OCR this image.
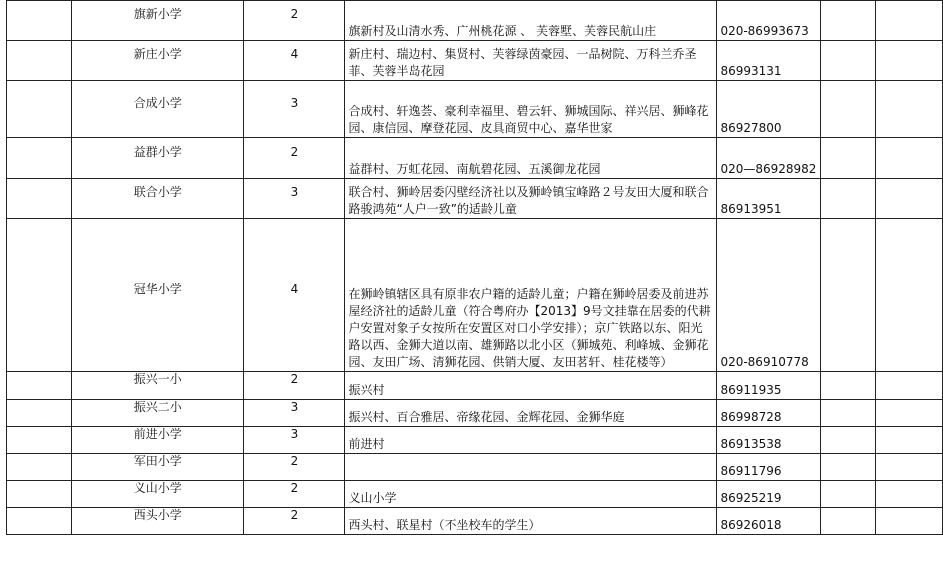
	旗新小学	2	旗新村及山清水秀、广州桃花源 、 芙蓉墅、芙蓉民航山庄	020-86993673		
	新庄小学	4	新庄村、瑞边村、集贤村、芙蓉绿茵豪园、一品树院、万科兰乔圣菲、芙蓉半岛花园	86993131		
	合成小学	3	合成村、轩逸荟、豪利幸福里、碧云轩、狮城国际、祥兴居、狮峰花园、康信园、摩登花园、皮具商贸中心、嘉华世家	86927800		
	益群小学	2	益群村、万虹花园、南航碧花园、五溪御龙花园	020—86928982		
	联合小学	3	联合村、狮岭居委闪壁经济社以及狮岭镇宝峰路２号友田大厦和联合路骏鸿苑“人户一致”的适龄儿童	86913951		
	冠华小学	4	在狮岭镇辖区具有原非农户籍的适龄儿童；户籍在狮岭居委及前进苏屋经济社的适龄儿童（符合粤府办【2013】9号文挂靠在居委的代耕户安置对象子女按所在安置区对口小学安排）；京广铁路以东、阳光路以西、金狮大道以南、雄狮路以北小区（狮城苑、利峰城、金狮花园、友田广场、清狮花园、供销大厦、友田茗轩、桂花楼等）	020-86910778		
	振兴一小	2	振兴村	86911935		
	振兴二小	3	振兴村、百合雅居、帝缘花园、金辉花园、金狮华庭	86998728		
	前进小学	3	前进村	86913538		
	军田小学	2		86911796		
	义山小学	2	义山小学	86925219		
	西头小学	2	西头村、联星村（不坐校车的学生）	86926018		
